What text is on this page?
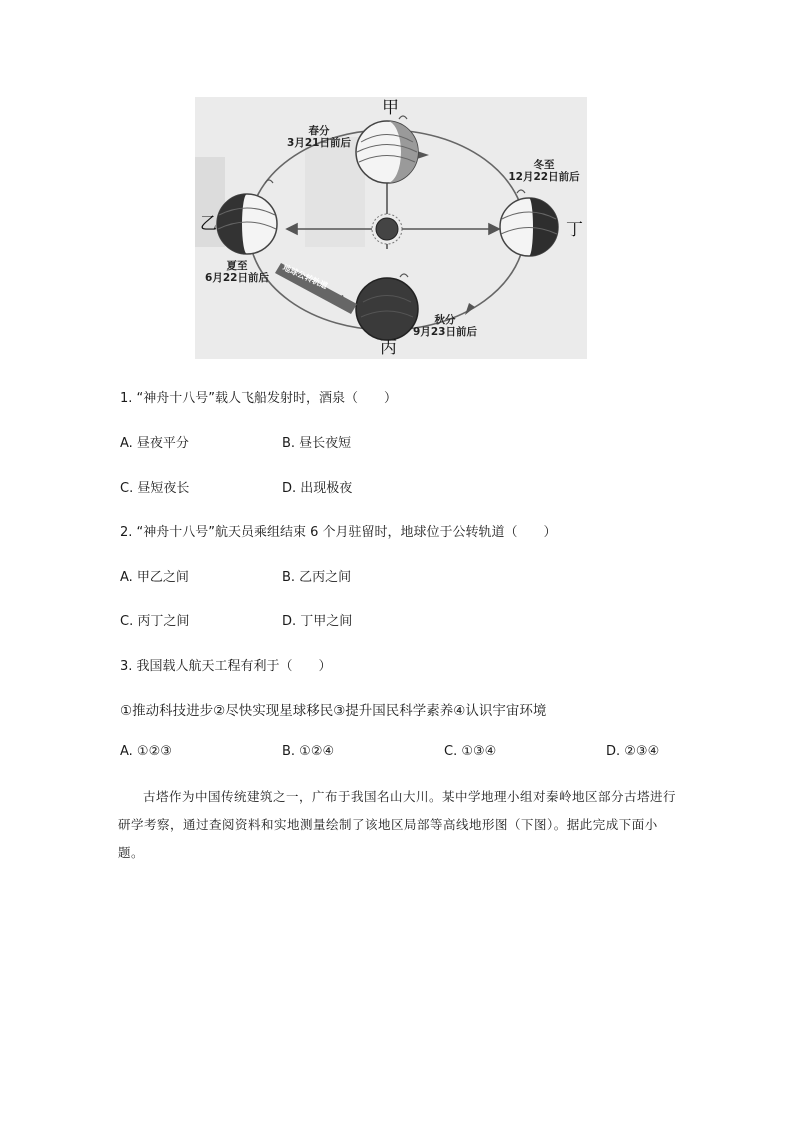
甲
乙
丙
丁
春分
3月21日前后
夏至
6月22日前后
秋分
9月23日前后
冬至
12月22日前后
地球公转轨道
1. “神舟十八号”载人飞船发射时，酒泉（　　）
A. 昼夜平分	B. 昼长夜短
C. 昼短夜长	D. 出现极夜
2. “神舟十八号”航天员乘组结束 6 个月驻留时，地球位于公转轨道（　　）
A. 甲乙之间	B. 乙丙之间
C. 丙丁之间	D. 丁甲之间
3. 我国载人航天工程有利于（　　）
①推动科技进步②尽快实现星球移民③提升国民科学素养④认识宇宙环境
A. ①②③	B. ①②④	C. ①③④	D. ②③④

古塔作为中国传统建筑之一，广布于我国名山大川。某中学地理小组对秦岭地区部分古塔进行研学考察，通过查阅资料和实地测量绘制了该地区局部等高线地形图（下图）。据此完成下面小题。
